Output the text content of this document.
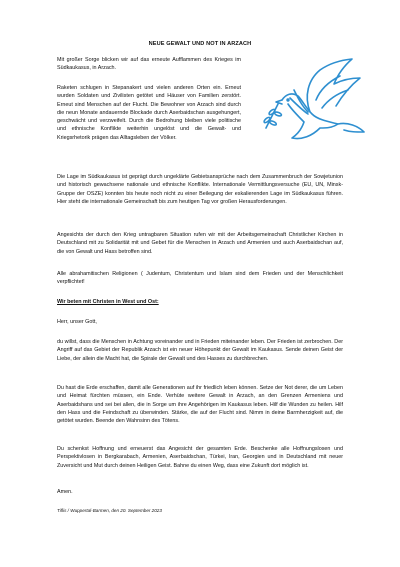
NEUE GEWALT UND NOT IN ARZACH

Mit großer Sorge blicken wir auf das erneute Aufflammen des Krieges im Südkaukasus, in Arzach.

Raketen schlugen in Stepanakert und vielen anderen Orten ein. Erneut wurden Soldaten und Zivilisten getötet und Häuser von Familien zerstört. Erneut sind Menschen auf der Flucht. Die Bewohner von Arzach sind durch die neun Monate andauernde Blockade durch Aserbaidschan ausgehungert, geschwächt und verzweifelt. Durch die Bedrohung bleiben viele politische und ethnische Konflikte weiterhin ungelöst und die Gewalt- und Kriegsrhetorik prägen das Alltagsleben der Völker.

Die Lage im Südkaukasus ist geprägt durch ungeklärte Gebietsansprüche nach dem Zusammenbruch der Sowjetunion und historisch gewachsene nationale und ethnische Konflikte. Internationale Vermittlungsversuche (EU, UN, Minsk-Gruppe der OSZE) konnten bis heute noch nicht zu einer Beilegung der eskalierenden Lage im Südkaukasus führen. Hier steht die internationale Gemeinschaft bis zum heutigen Tag vor großen Herausforderungen.

Angesichts der durch den Krieg untragbaren Situation rufen wir mit der Arbeitsgemeinschaft Christlicher Kirchen in Deutschland mit zu Solidarität mit und Gebet für die Menschen in Arzach und Armenien und auch Aserbaidschan auf, die von Gewalt und Hass betroffen sind.

Alle abrahamitischen Religionen ( Judentum, Christentum und Islam sind dem Frieden und der Menschlichkeit verpflichtet!

Wir beten mit Christen in West und Ost:

Herr, unser Gott,

du willst, dass die Menschen in Achtung voreinander und in Frieden miteinander leben. Der Frieden ist zerbrochen. Der Angriff auf das Gebiet der Republik Arzach ist ein neuer Höhepunkt der Gewalt im Kaukasus. Sende deinen Geist der Liebe, der allein die Macht hat, die Spirale der Gewalt und des Hasses zu durchbrechen.

Du hast die Erde erschaffen, damit alle Generationen auf ihr friedlich leben können. Setze der Not derer, die um Leben und Heimat fürchten müssen, ein Ende. Verhüte weitere Gewalt in Arzach, an den Grenzen Armeniens und Aserbaidshans und sei bei allen, die in Sorge um ihre Angehörigen im Kaukasus leben. Hilf die Wunden zu heilen. Hilf den Hass und die Feindschaft zu überwinden. Stärke, die auf der Flucht sind. Nimm in deine Barmherzigkeit auf, die getötet wurden. Beende den Wahnsinn des Tötens.

Du schenkst Hoffnung und erneuerst das Angesicht der gesamten Erde. Beschenke alle Hoffnungslosen und Perspektivlosen in Bergkarabach, Armenien, Aserbaidschan, Türkei, Iran, Georgien und in Deutschland mit neuer Zuversicht und Mut durch deinen Heiligen Geist. Bahne du einen Weg, dass eine Zukunft dort möglich ist.

Amen.

Tiflis / Wuppertal-Barmen, den 20. September 2023
